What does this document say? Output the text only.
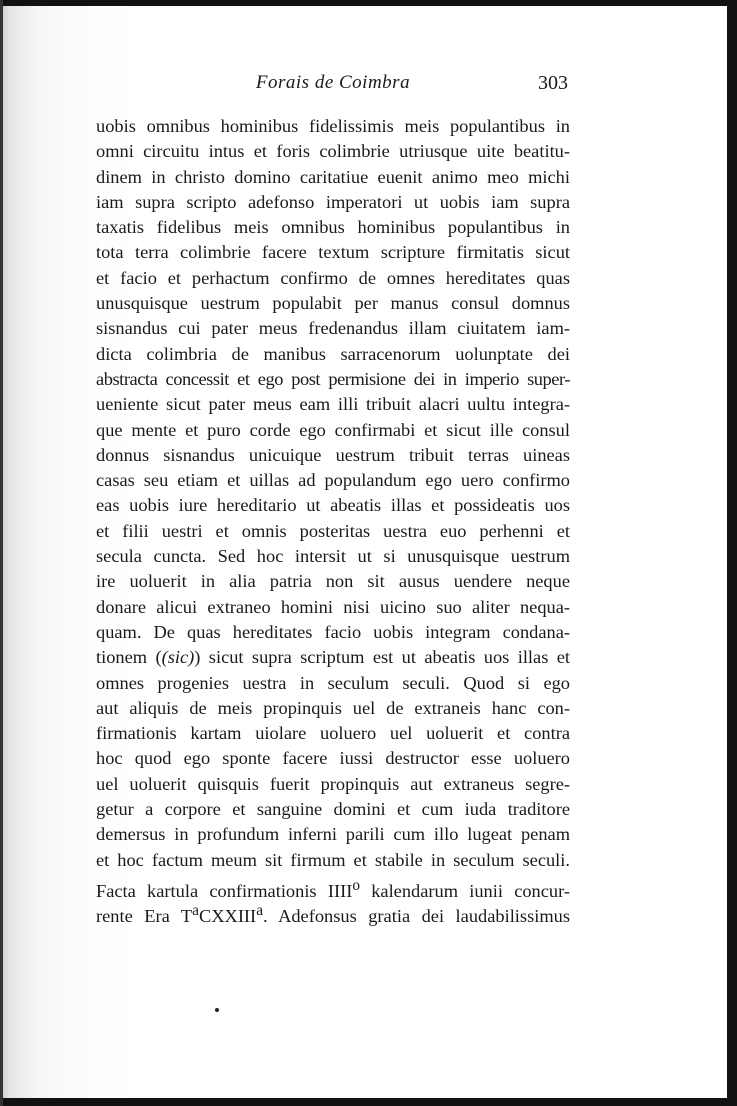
Forais de Coimbra	303
uobis omnibus hominibus fidelissimis meis populantibus in
omni circuitu intus et foris colimbrie utriusque uite beatitu-
dinem in christo domino caritatiue euenit animo meo michi
iam supra scripto adefonso imperatori ut uobis iam supra
taxatis fidelibus meis omnibus hominibus populantibus in
tota terra colimbrie facere textum scripture firmitatis sicut
et facio et perhactum confirmo de omnes hereditates quas
unusquisque uestrum populabit per manus consul domnus
sisnandus cui pater meus fredenandus illam ciuitatem iam-
dicta colimbria de manibus sarracenorum uolunptate dei
abstracta concessit et ego post permisione dei in imperio super-
ueniente sicut pater meus eam illi tribuit alacri uultu integra-
que mente et puro corde ego confirmabi et sicut ille consul
donnus sisnandus unicuique uestrum tribuit terras uineas
casas seu etiam et uillas ad populandum ego uero confirmo
eas uobis iure hereditario ut abeatis illas et possideatis uos
et filii uestri et omnis posteritas uestra euo perhenni et
secula cuncta. Sed hoc intersit ut si unusquisque uestrum
ire uoluerit in alia patria non sit ausus uendere neque
donare alicui extraneo homini nisi uicino suo aliter nequa-
quam. De quas hereditates facio uobis integram condana-
tionem ((sic)) sicut supra scriptum est ut abeatis uos illas et
omnes progenies uestra in seculum seculi. Quod si ego
aut aliquis de meis propinquis uel de extraneis hanc con-
firmationis kartam uiolare uoluero uel uoluerit et contra
hoc quod ego sponte facere iussi destructor esse uoluero
uel uoluerit quisquis fuerit propinquis aut extraneus segre-
getur a corpore et sanguine domini et cum iuda traditore
demersus in profundum inferni parili cum illo lugeat penam
et hoc factum meum sit firmum et stabile in seculum seculi.
Facta kartula confirmationis IIII$^o$ kalendarum iunii concur-
rente Era $T^aCXXIII^a$. Adefonsus gratia dei laudabilissimus
